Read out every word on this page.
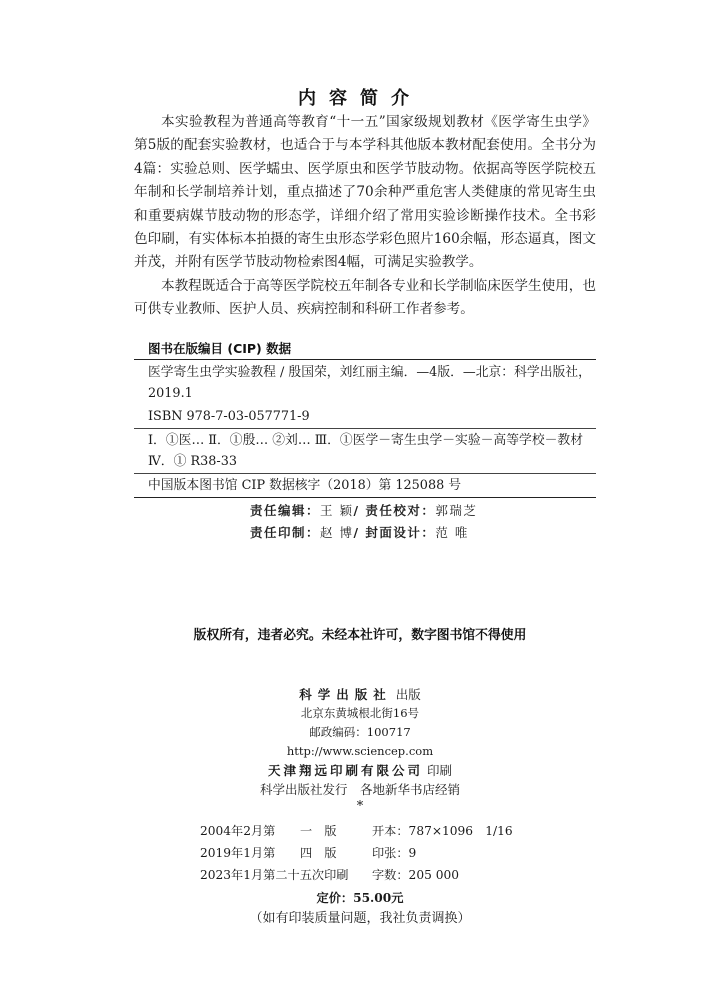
内容简介

本实验教程为普通高等教育“十一五”国家级规划教材《医学寄生虫学》第5版的配套实验教材，也适合于与本学科其他版本教材配套使用。全书分为4篇：实验总则、医学蠕虫、医学原虫和医学节肢动物。依据高等医学院校五年制和长学制培养计划，重点描述了70余种严重危害人类健康的常见寄生虫和重要病媒节肢动物的形态学，详细介绍了常用实验诊断操作技术。全书彩色印刷，有实体标本拍摄的寄生虫形态学彩色照片160余幅，形态逼真，图文并茂，并附有医学节肢动物检索图4幅，可满足实验教学。

本教程既适合于高等医学院校五年制各专业和长学制临床医学生使用，也可供专业教师、医护人员、疾病控制和科研工作者参考。

图书在版编目 (CIP) 数据
医学寄生虫学实验教程 / 殷国荣，刘红丽主编．—4版．—北京：科学出版社，2019.1
ISBN 978-7-03-057771-9
Ⅰ．①医… Ⅱ．①殷… ②刘… Ⅲ．①医学－寄生虫学－实验－高等学校－教材 Ⅳ．① R38-33
中国版本图书馆 CIP 数据核字（2018）第 125088 号
责任编辑：王 颖/ 责任校对：郭瑞芝
责任印制：赵 博/ 封面设计：范 唯
版权所有，违者必究。未经本社许可，数字图书馆不得使用
科学出版社 出版
北京东黄城根北街16号
邮政编码：100717
http://www.sciencep.com
天津翔远印刷有限公司 印刷
科学出版社发行　各地新华书店经销
*
2004年2月第 一　版	开本：787×1096　1/16
2019年1月第 四　版	印张：9
2023年1月第二十五次印刷 字数：205 000
定价：55.00元
（如有印装质量问题，我社负责调换）
